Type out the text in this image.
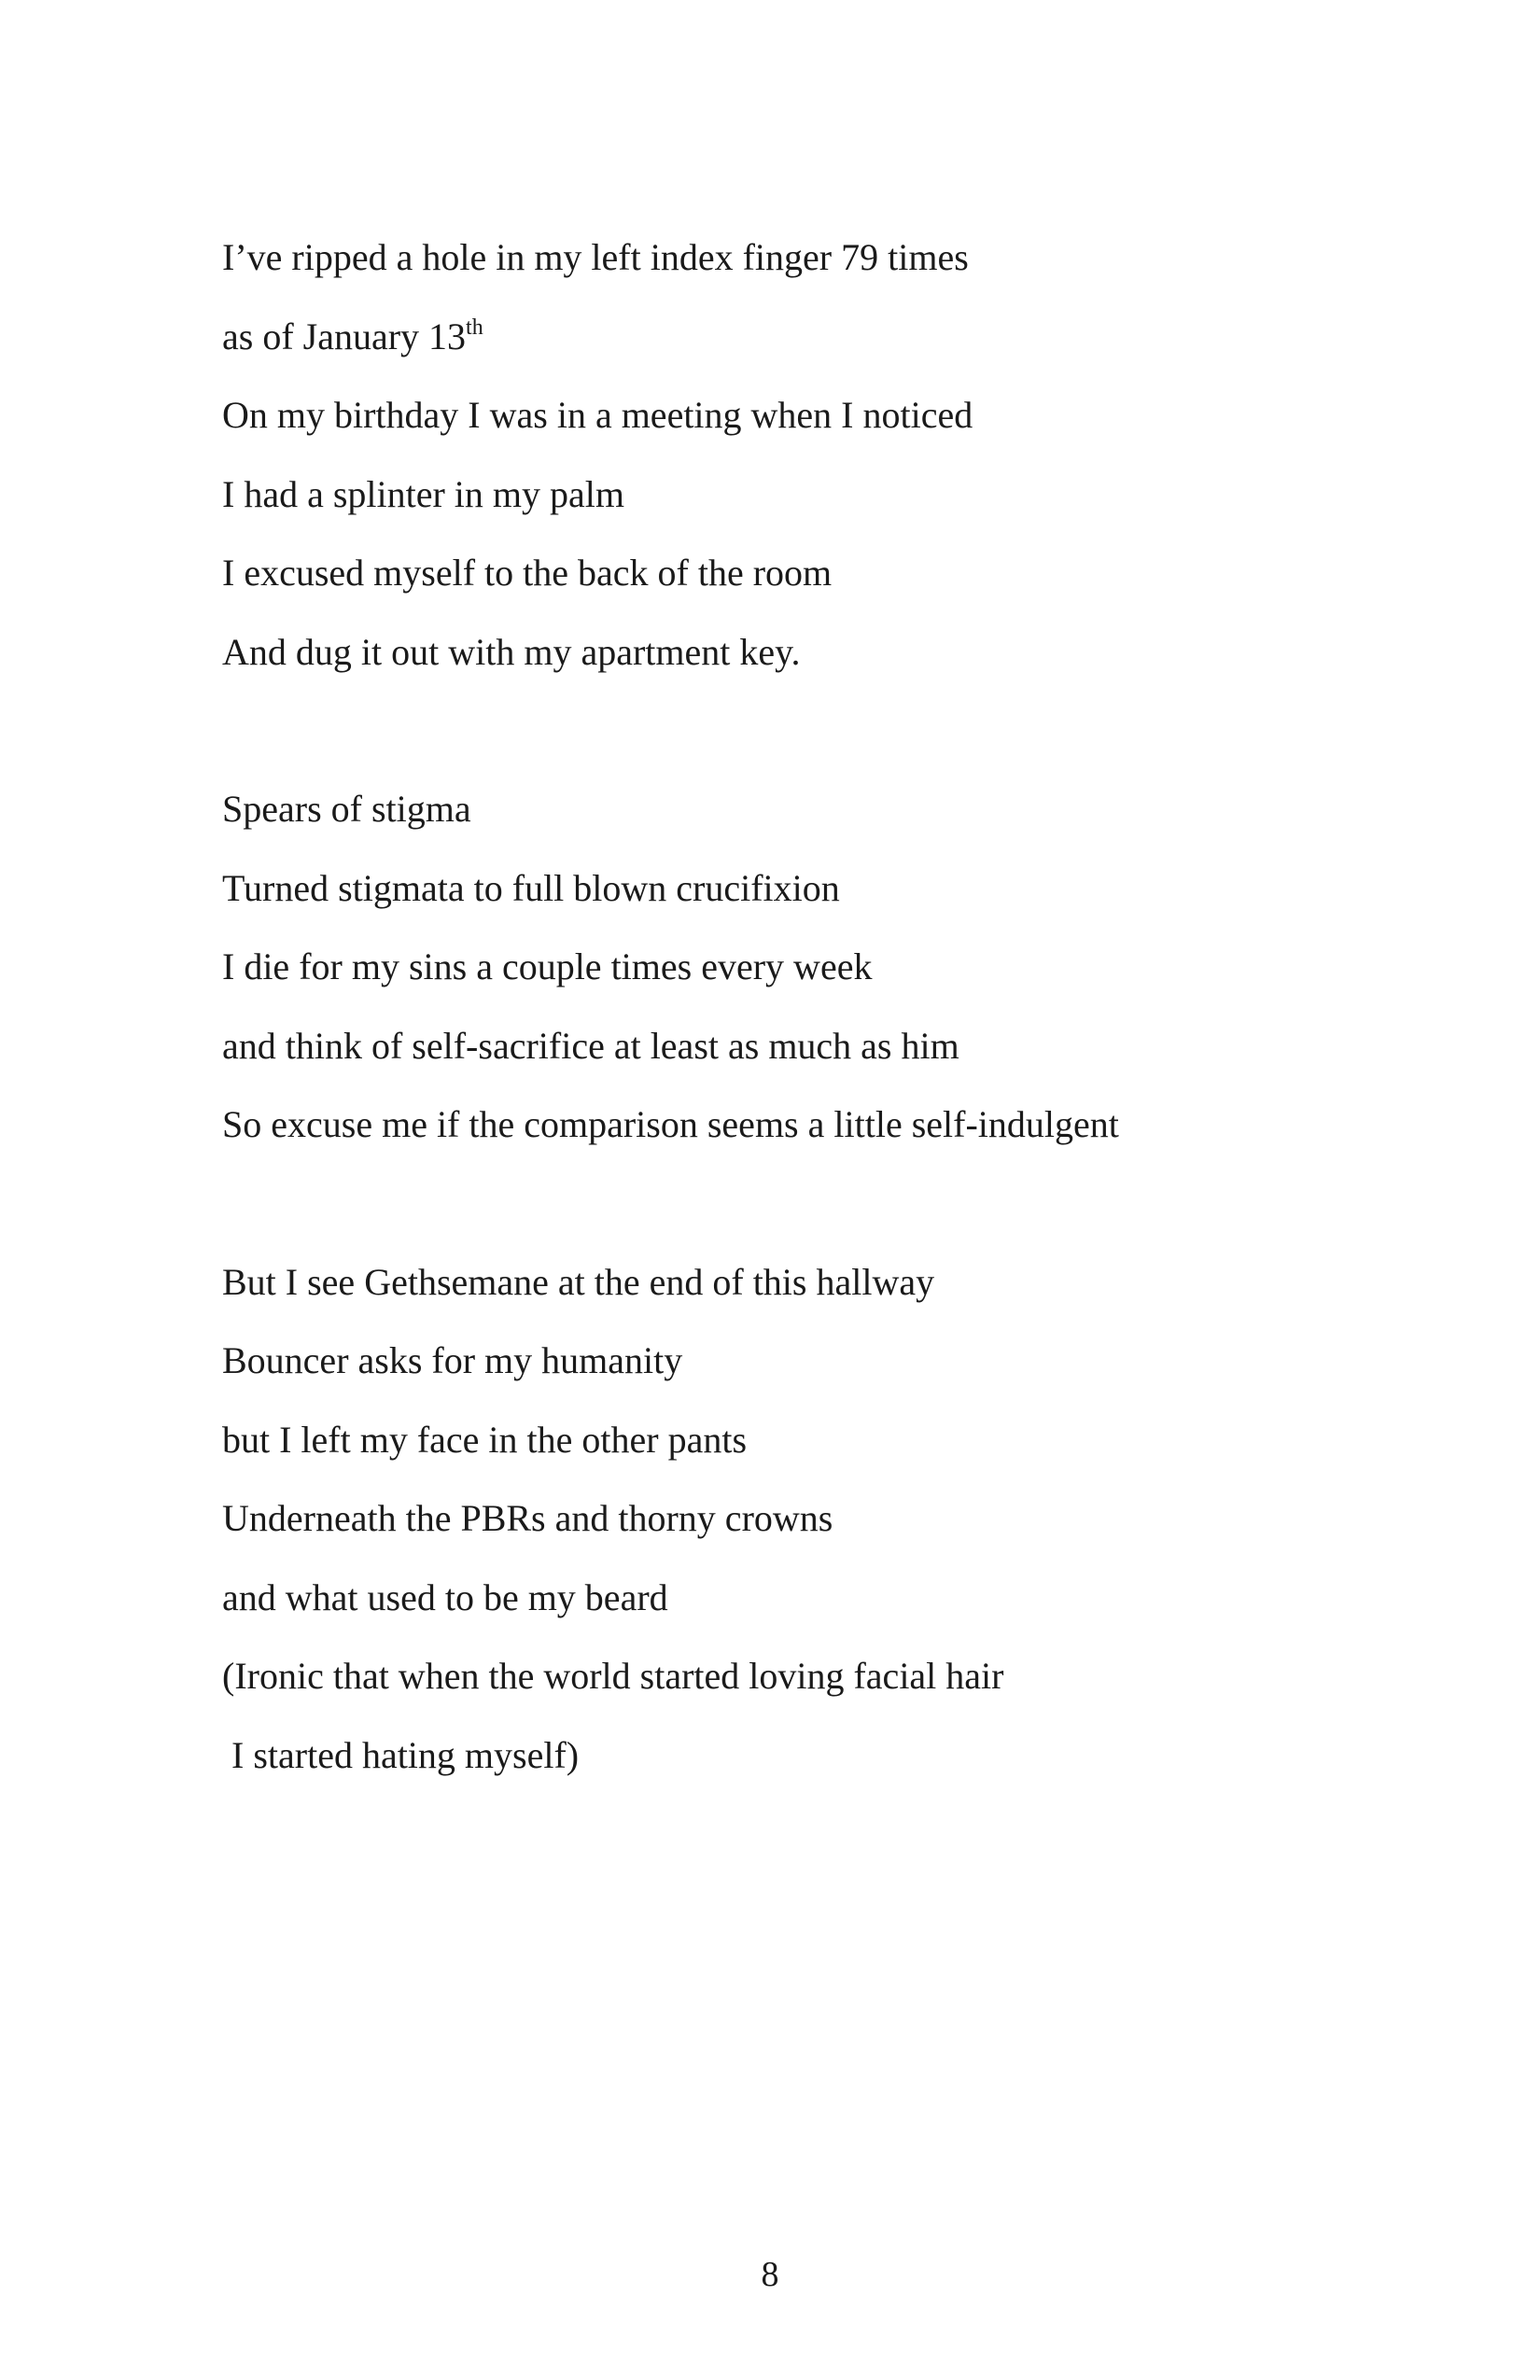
I’ve ripped a hole in my left index finger 79 times
as of January 13th
On my birthday I was in a meeting when I noticed
I had a splinter in my palm
I excused myself to the back of the room
And dug it out with my apartment key.
Spears of stigma
Turned stigmata to full blown crucifixion
I die for my sins a couple times every week
and think of self-sacrifice at least as much as him
So excuse me if the comparison seems a little self-indulgent
But I see Gethsemane at the end of this hallway
Bouncer asks for my humanity
but I left my face in the other pants
Underneath the PBRs and thorny crowns
and what used to be my beard
(Ironic that when the world started loving facial hair
I started hating myself)
8
